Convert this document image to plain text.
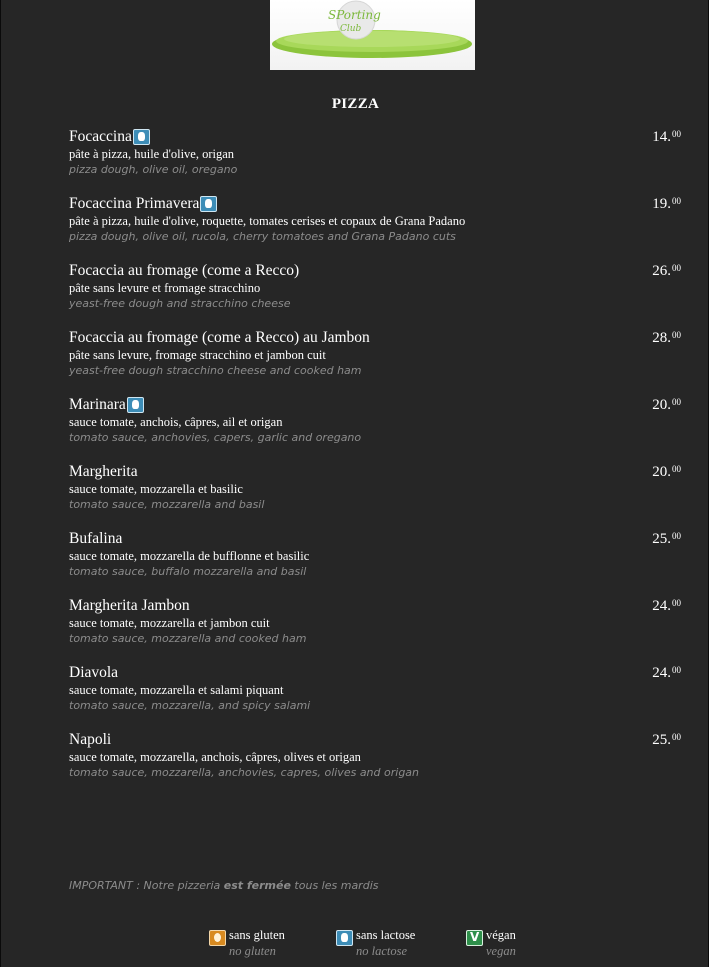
SPorting
Club
PIZZA
Focaccina
pâte à pizza, huile d'olive, origan
pizza dough, olive oil, oregano
14.00
Focaccina Primavera
pâte à pizza, huile d'olive, roquette, tomates cerises et copaux de Grana Padano
pizza dough, olive oil, rucola, cherry tomatoes and Grana Padano cuts
19.00
Focaccia au fromage (come a Recco)
pâte sans levure et fromage stracchino
yeast-free dough and stracchino cheese
26.00
Focaccia au fromage (come a Recco) au Jambon
pâte sans levure, fromage stracchino et jambon cuit
yeast-free dough stracchino cheese and cooked ham
28.00
Marinara
sauce tomate, anchois, câpres, ail et origan
tomato sauce, anchovies, capers, garlic and oregano
20.00
Margherita
sauce tomate, mozzarella et basilic
tomato sauce, mozzarella and basil
20.00
Bufalina
sauce tomate, mozzarella de bufflonne et basilic
tomato sauce, buffalo mozzarella and basil
25.00
Margherita Jambon
sauce tomate, mozzarella et jambon cuit
tomato sauce, mozzarella and cooked ham
24.00
Diavola
sauce tomate, mozzarella et salami piquant
tomato sauce, mozzarella, and spicy salami
24.00
Napoli
sauce tomate, mozzarella, anchois, câpres, olives et origan
tomato sauce, mozzarella, anchovies, capres, olives and origan
25.00
IMPORTANT : Notre pizzeria est fermée tous les mardis
sans gluten
no gluten
sans lactose
no lactose
V
végan
vegan
